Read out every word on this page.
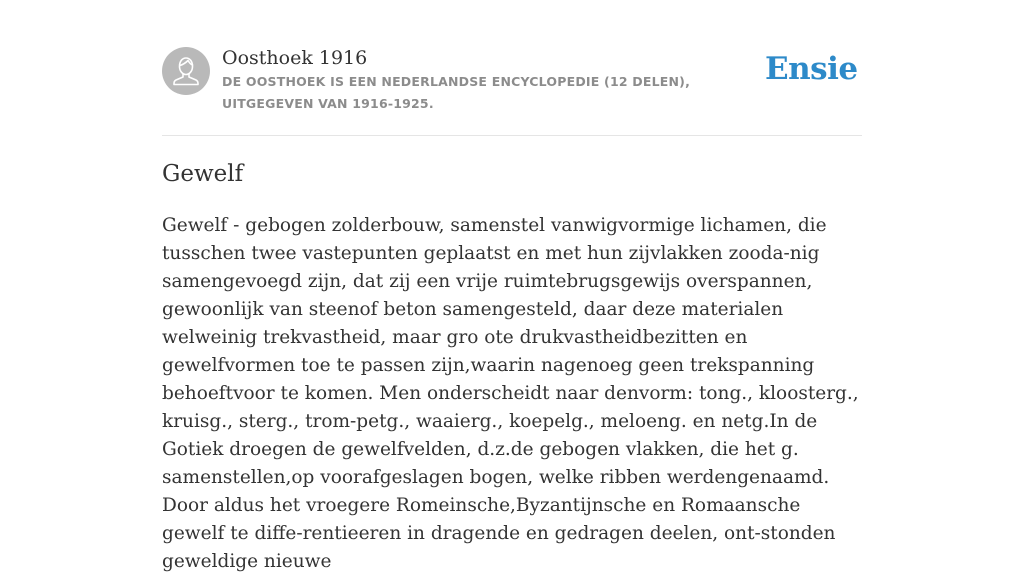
Oosthoek 1916

DE OOSTHOEK IS EEN NEDERLANDSE ENCYCLOPEDIE (12 DELEN), UITGEGEVEN VAN 1916-1925.

Ensie
Gewelf

Gewelf - gebogen zolderbouw, samenstel vanwigvormige lichamen, die tusschen twee vastepunten geplaatst en met hun zijvlakken zooda-nig samengevoegd zijn, dat zij een vrije ruimtebrugsgewijs overspannen, gewoonlijk van steenof beton samengesteld, daar deze materialen welweinig trekvastheid, maar gro ote drukvastheidbezitten en gewelfvormen toe te passen zijn,waarin nagenoeg geen trekspanning behoeftvoor te komen. Men onderscheidt naar denvorm: tong., kloosterg., kruisg., sterg., trom-petg., waaierg., koepelg., meloeng. en netg.In de Gotiek droegen de gewelfvelden, d.z.de gebogen vlakken, die het g. samenstellen,op voorafgeslagen bogen, welke ribben werdengenaamd. Door aldus het vroegere Romeinsche,Byzantijnsche en Romaansche gewelf te diffe-rentieeren in dragende en gedragen deelen, ont-stonden geweldige nieuwe
